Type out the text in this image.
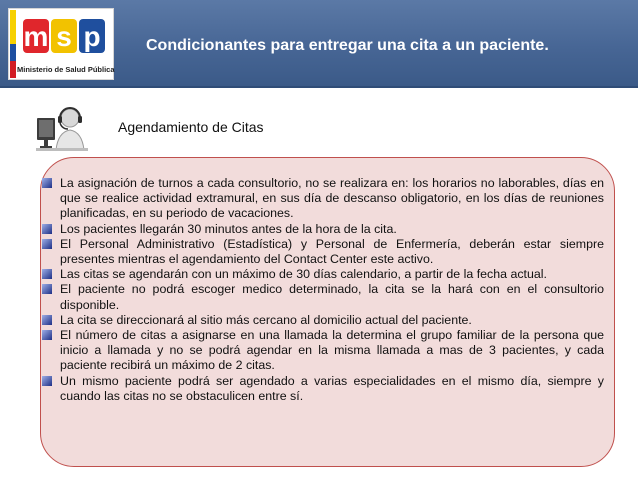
m s p
Ministerio de Salud Pública
Condicionantes para entregar una cita a un paciente.
Agendamiento de Citas
La asignación de turnos a cada consultorio, no se realizara en: los horarios no laborables, días en que se realice actividad extramural, en sus día de descanso obligatorio, en los días de reuniones planificadas, en su periodo de vacaciones.
Los pacientes llegarán 30 minutos antes de la hora de la cita.
El Personal Administrativo (Estadística) y Personal de Enfermería, deberán estar siempre presentes mientras el agendamiento del Contact Center este activo.
Las citas se agendarán con un máximo de 30 días calendario, a partir de la fecha actual.
El paciente no podrá escoger medico determinado, la cita se la hará con en el consultorio disponible.
La cita se direccionará al sitio más cercano al domicilio actual del paciente.
El número de citas a asignarse en una llamada la determina el grupo familiar de la persona que inicio a llamada y no se podrá agendar en la misma llamada a mas de 3 pacientes, y cada paciente recibirá un máximo de 2 citas.
Un mismo paciente podrá ser agendado a varias especialidades en el mismo día, siempre y cuando las citas no se obstaculicen entre sí.
